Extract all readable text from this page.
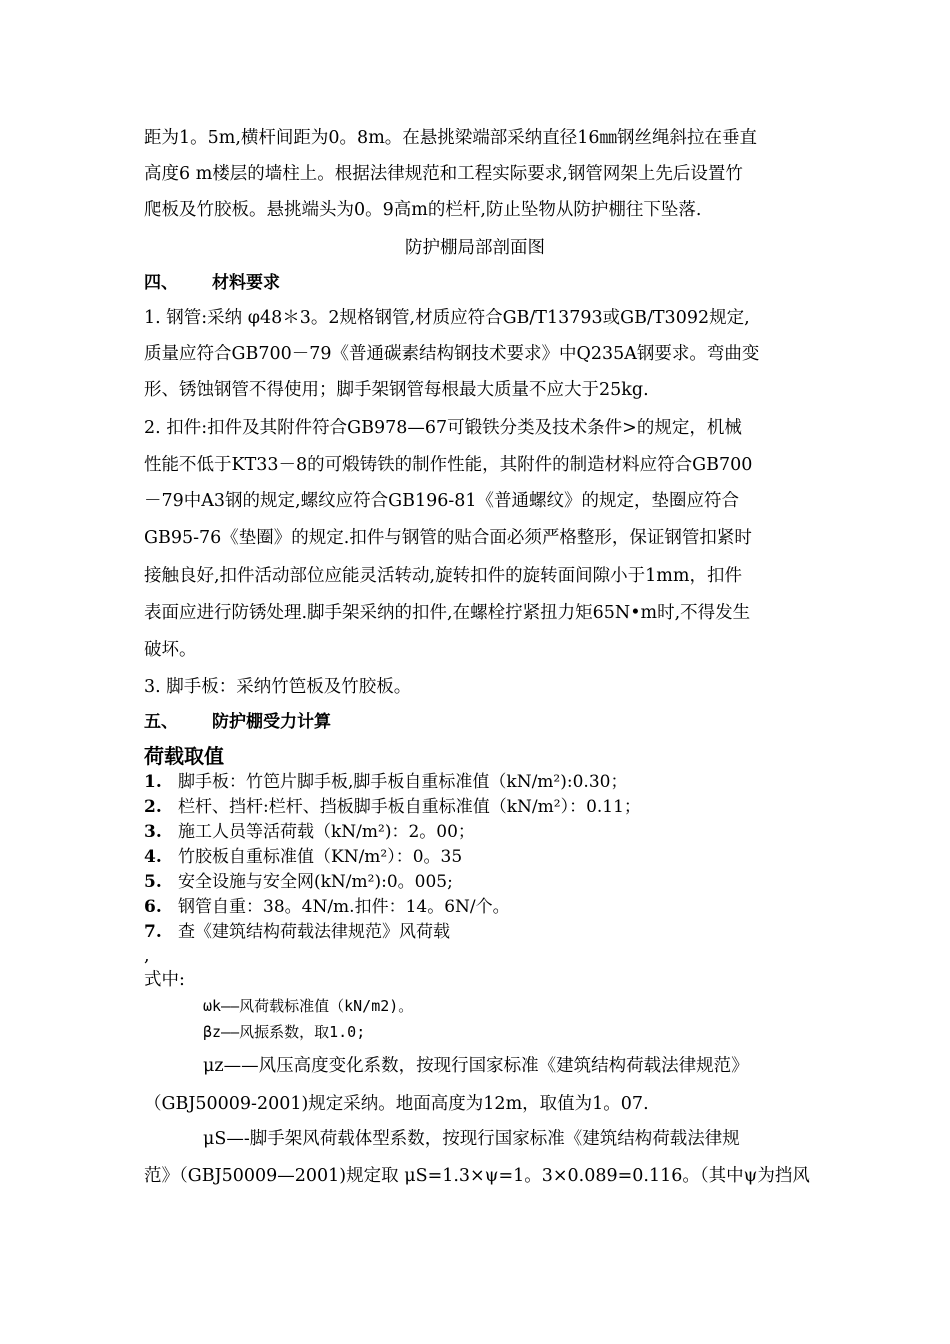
距为1。5m,横杆间距为0。8m。在悬挑梁端部采纳直径16㎜钢丝绳斜拉在垂直
高度6 m楼层的墙柱上。根据法律规范和工程实际要求,钢管网架上先后设置竹
爬板及竹胶板。悬挑端头为0。9高m的栏杆,防止坠物从防护棚往下坠落.
防护棚局部剖面图
四、 材料要求
1. 钢管:采纳 φ48＊3。2规格钢管,材质应符合GB/T13793或GB/T3092规定,
质量应符合GB700－79《普通碳素结构钢技术要求》中Q235A钢要求。弯曲变
形、锈蚀钢管不得使用；脚手架钢管每根最大质量不应大于25kg.
2. 扣件:扣件及其附件符合GB978—67可锻铁分类及技术条件>的规定，机械
性能不低于KT33－8的可煅铸铁的制作性能，其附件的制造材料应符合GB700
－79中A3钢的规定,螺纹应符合GB196-81《普通螺纹》的规定，垫圈应符合
GB95-76《垫圈》的规定.扣件与钢管的贴合面必须严格整形，保证钢管扣紧时
接触良好,扣件活动部位应能灵活转动,旋转扣件的旋转面间隙小于1mm，扣件
表面应进行防锈处理.脚手架采纳的扣件,在螺栓拧紧扭力矩65N•m时,不得发生
破坏。
3. 脚手板：采纳竹笆板及竹胶板。
五、 防护棚受力计算
荷载取值
1. 脚手板：竹笆片脚手板,脚手板自重标准值（kN/m²):0.30；
2. 栏杆、挡杆:栏杆、挡板脚手板自重标准值（kN/m²）：0.11；
3. 施工人员等活荷载（kN/m²)：2。00；
4. 竹胶板自重标准值（KN/m²）：0。35
5. 安全设施与安全网(kN/m²):0。005;
6. 钢管自重：38。4N/m.扣件：14。6N/个。
7. 查《建筑结构荷载法律规范》风荷载
,
式中:
ωk——风荷载标准值（kN/m2)。
βz——风振系数，取1.0;
μz——风压高度变化系数，按现行国家标准《建筑结构荷载法律规范》
（GBJ50009-2001)规定采纳。地面高度为12m，取值为1。07.
μS—-脚手架风荷载体型系数，按现行国家标准《建筑结构荷载法律规
范》（GBJ50009—2001)规定取 μS=1.3×ψ=1。3×0.089=0.116。（其中ψ为挡风
